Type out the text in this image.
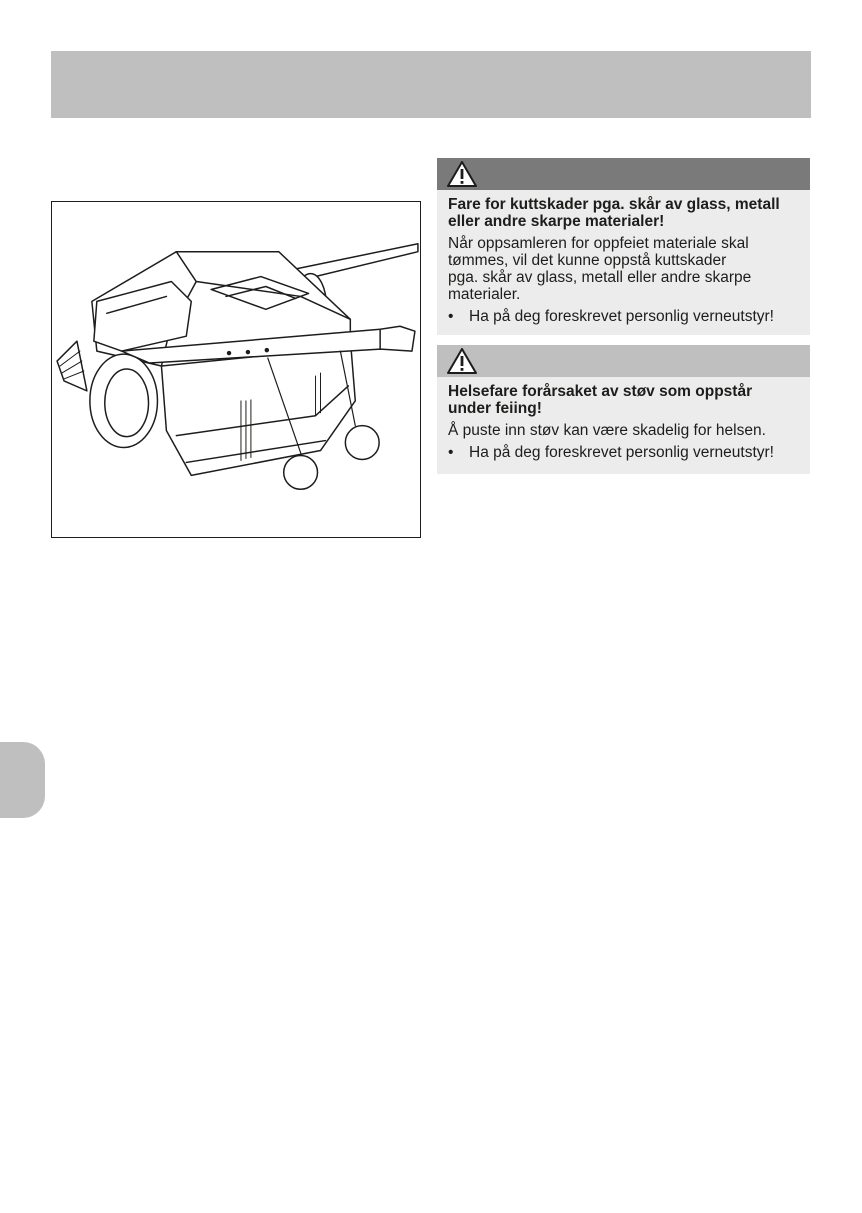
Fare for kuttskader pga. skår av glass, metall
eller andre skarpe materialer!

Når oppsamleren for oppfeiet materiale skal
tømmes, vil det kunne oppstå kuttskader
pga. skår av glass, metall eller andre skarpe
materialer.

• Ha på deg foreskrevet personlig verneutstyr!

Helsefare forårsaket av støv som oppstår
under feiing!

Å puste inn støv kan være skadelig for helsen.

• Ha på deg foreskrevet personlig verneutstyr!
